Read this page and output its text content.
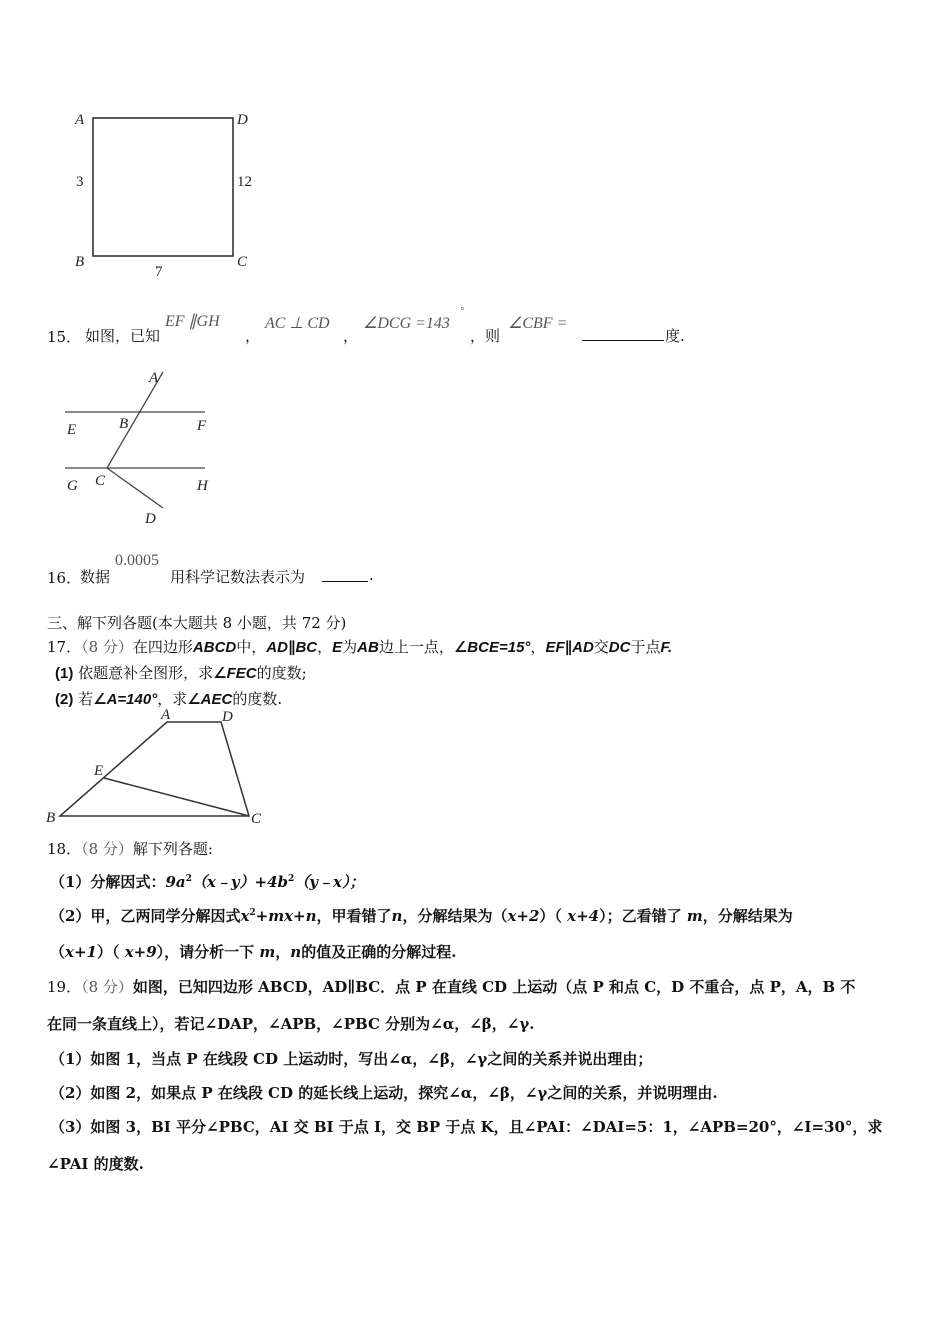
A	D
B	C
3	12
7
15． 如图，已知
EF ∥GH
，
AC ⊥ CD
，
∠DCG =143
°
，则
∠CBF =
度.
A
B
E	F
G C	H
D
16．
数据
0.0005
用科学记数法表示为	.
三、解下列各题(本大题共 8 小题，共 72 分)
17．（8 分）在四边形ABCD中，AD∥BC，E为AB边上一点，∠BCE=15°，EF∥AD交DC于点F.
(1) 依题意补全图形，求∠FEC的度数;
(2) 若∠A=140°，求∠AEC的度数.
A	D
E
B	C
18．（8 分）解下列各题:
（1）分解因式：$9a^2(x﹣y)+4b^2(y﹣x)$；
（2）甲，乙两同学分解因式$x^2+mx+n$，甲看错了n，分解结果为（x+2）（ x+4）；乙看错了 m，分解结果为
（x+1）（ x+9），请分析一下 m，n的值及正确的分解过程.
19．（8 分）如图，已知四边形 ABCD，AD∥BC．点 P 在直线 CD 上运动（点 P 和点 C，D 不重合，点 P，A，B 不
在同一条直线上），若记∠DAP，∠APB，∠PBC 分别为∠α，∠β，∠γ.
（1）如图 1，当点 P 在线段 CD 上运动时，写出∠α，∠β，∠γ之间的关系并说出理由；
（2）如图 2，如果点 P 在线段 CD 的延长线上运动，探究∠α，∠β，∠γ之间的关系，并说明理由.
（3）如图 3，BI 平分∠PBC，AI 交 BI 于点 I，交 BP 于点 K，且∠PAI：∠DAI=5：1，∠APB=20°，∠I=30°，求
∠PAI 的度数.
